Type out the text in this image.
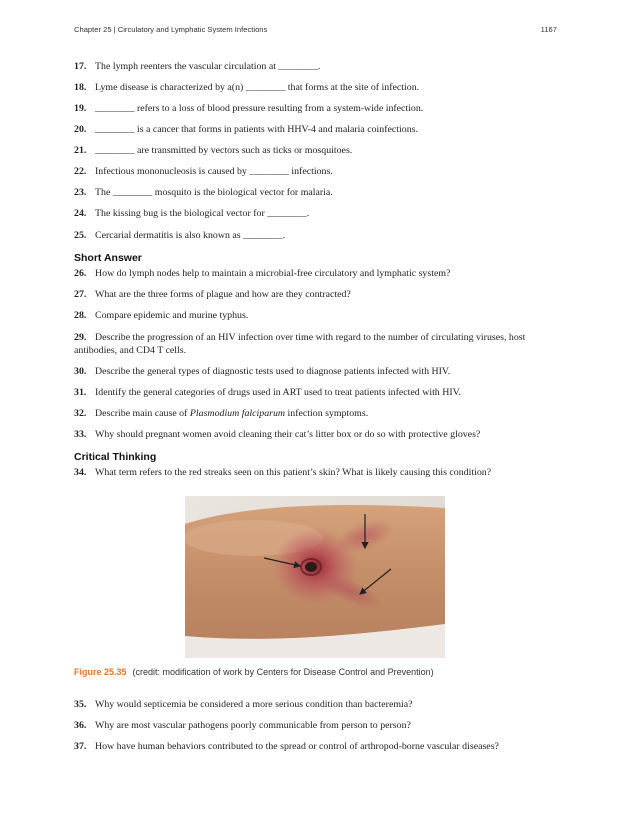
Chapter 25 | Circulatory and Lymphatic System Infections	1167
17. The lymph reenters the vascular circulation at ________.
18. Lyme disease is characterized by a(n) ________ that forms at the site of infection.
19. ________ refers to a loss of blood pressure resulting from a system-wide infection.
20. ________ is a cancer that forms in patients with HHV-4 and malaria coinfections.
21. ________ are transmitted by vectors such as ticks or mosquitoes.
22. Infectious mononucleosis is caused by ________ infections.
23. The ________ mosquito is the biological vector for malaria.
24. The kissing bug is the biological vector for ________.
25. Cercarial dermatitis is also known as ________.
Short Answer
26. How do lymph nodes help to maintain a microbial-free circulatory and lymphatic system?
27. What are the three forms of plague and how are they contracted?
28. Compare epidemic and murine typhus.
29. Describe the progression of an HIV infection over time with regard to the number of circulating viruses, host antibodies, and CD4 T cells.
30. Describe the general types of diagnostic tests used to diagnose patients infected with HIV.
31. Identify the general categories of drugs used in ART used to treat patients infected with HIV.
32. Describe main cause of Plasmodium falciparum infection symptoms.
33. Why should pregnant women avoid cleaning their cat’s litter box or do so with protective gloves?
Critical Thinking
34. What term refers to the red streaks seen on this patient’s skin? What is likely causing this condition?
Figure 25.35 (credit: modification of work by Centers for Disease Control and Prevention)
35. Why would septicemia be considered a more serious condition than bacteremia?
36. Why are most vascular pathogens poorly communicable from person to person?
37. How have human behaviors contributed to the spread or control of arthropod-borne vascular diseases?
